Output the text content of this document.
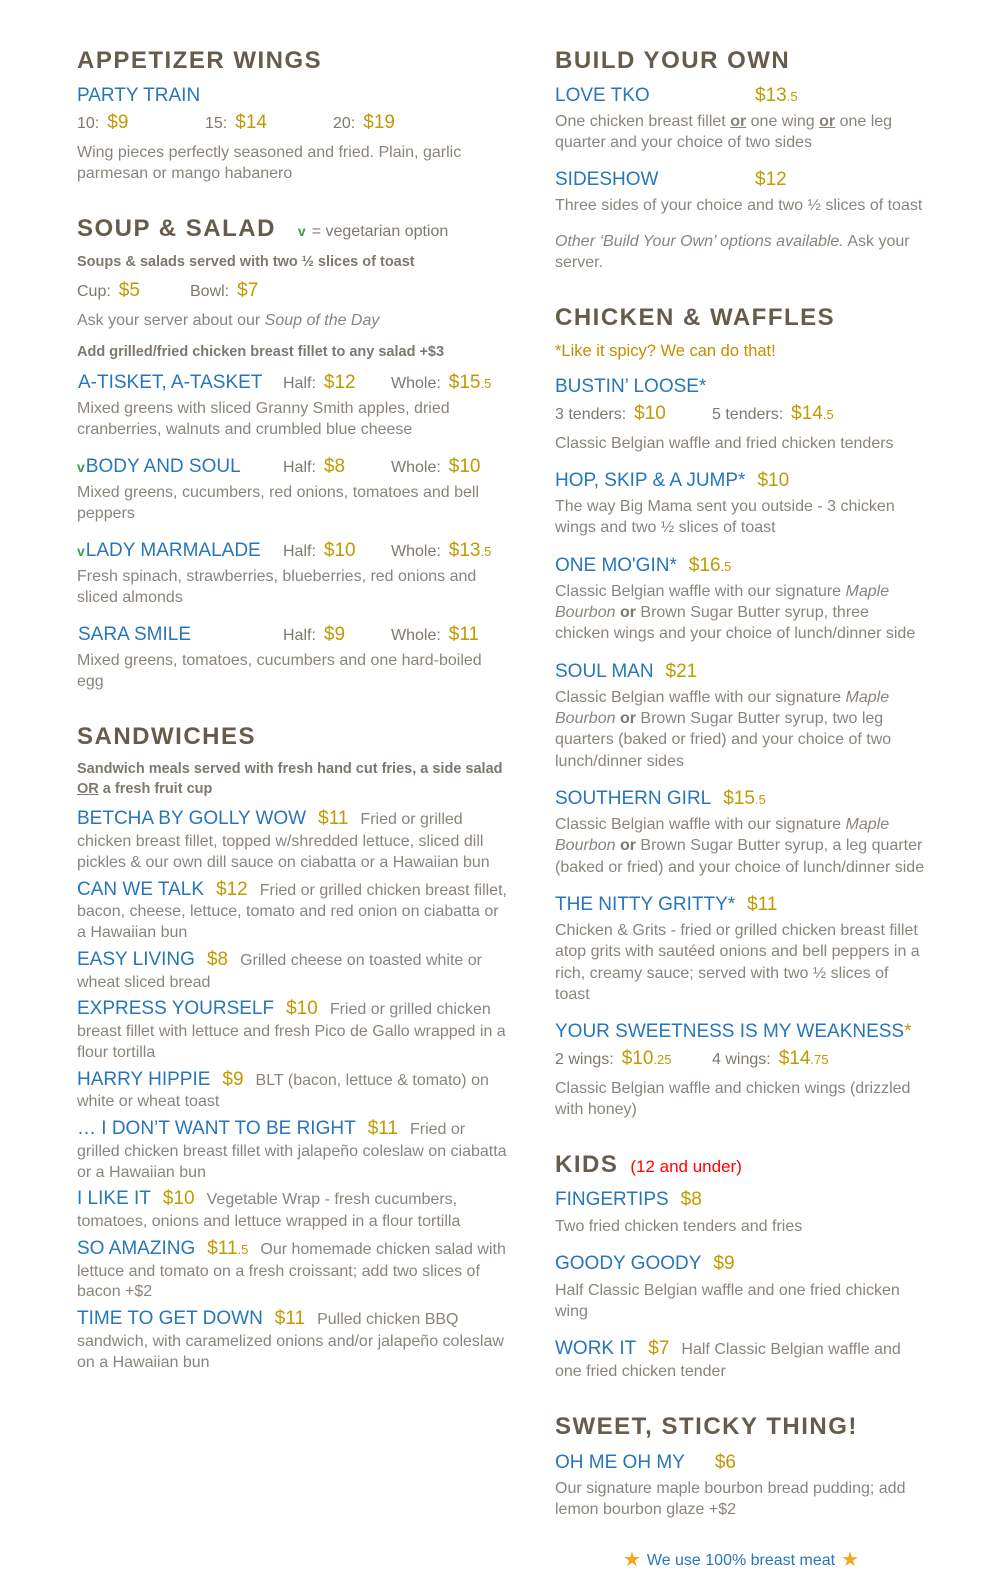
APPETIZER WINGS

PARTY TRAIN

10: $9	15: $14	20: $19

Wing pieces perfectly seasoned and fried. Plain, garlic parmesan or mango habanero

SOUP & SALAD v = vegetarian option

Soups & salads served with two ½ slices of toast

Cup: $5	Bowl: $7

Ask your server about our Soup of the Day

Add grilled/fried chicken breast fillet to any salad +$3

A-TISKET, A-TASKET	Half: $12	Whole: $15.5

Mixed greens with sliced Granny Smith apples, dried cranberries, walnuts and crumbled blue cheese

vBODY AND SOUL	Half: $8	Whole: $10

Mixed greens, cucumbers, red onions, tomatoes and bell peppers

vLADY MARMALADE	Half: $10	Whole: $13.5

Fresh spinach, strawberries, blueberries, red onions and sliced almonds

SARA SMILE	Half: $9	Whole: $11

Mixed greens, tomatoes, cucumbers and one hard-boiled egg

SANDWICHES

Sandwich meals served with fresh hand cut fries, a side salad OR a fresh fruit cup

BETCHA BY GOLLY WOW $11 Fried or grilled chicken breast fillet, topped w/shredded lettuce, sliced dill pickles & our own dill sauce on ciabatta or a Hawaiian bun

CAN WE TALK $12 Fried or grilled chicken breast fillet, bacon, cheese, lettuce, tomato and red onion on ciabatta or a Hawaiian bun

EASY LIVING $8 Grilled cheese on toasted white or wheat sliced bread

EXPRESS YOURSELF $10 Fried or grilled chicken breast fillet with lettuce and fresh Pico de Gallo wrapped in a flour tortilla

HARRY HIPPIE $9 BLT (bacon, lettuce & tomato) on white or wheat toast

… I DON’T WANT TO BE RIGHT $11 Fried or grilled chicken breast fillet with jalapeño coleslaw on ciabatta or a Hawaiian bun

I LIKE IT $10 Vegetable Wrap - fresh cucumbers, tomatoes, onions and lettuce wrapped in a flour tortilla

SO AMAZING $11.5 Our homemade chicken salad with lettuce and tomato on a fresh croissant; add two slices of bacon +$2

TIME TO GET DOWN $11 Pulled chicken BBQ sandwich, with caramelized onions and/or jalapeño coleslaw on a Hawaiian bun

BUILD YOUR OWN
LOVE TKO	$13.5

One chicken breast fillet or one wing or one leg quarter and your choice of two sides

SIDESHOW	$12

Three sides of your choice and two ½ slices of toast

Other ‘Build Your Own’ options available. Ask your server.

CHICKEN & WAFFLES

*Like it spicy? We can do that!

BUSTIN’ LOOSE*

3 tenders: $10	5 tenders: $14.5

Classic Belgian waffle and fried chicken tenders

HOP, SKIP & A JUMP* $10

The way Big Mama sent you outside - 3 chicken wings and two ½ slices of toast

ONE MO'GIN* $16.5

Classic Belgian waffle with our signature Maple Bourbon or Brown Sugar Butter syrup, three chicken wings and your choice of lunch/dinner side

SOUL MAN $21

Classic Belgian waffle with our signature Maple Bourbon or Brown Sugar Butter syrup, two leg quarters (baked or fried) and your choice of two lunch/dinner sides

SOUTHERN GIRL $15.5

Classic Belgian waffle with our signature Maple Bourbon or Brown Sugar Butter syrup, a leg quarter (baked or fried) and your choice of lunch/dinner side

THE NITTY GRITTY* $11

Chicken & Grits - fried or grilled chicken breast fillet atop grits with sautéed onions and bell peppers in a rich, creamy sauce; served with two ½ slices of toast

YOUR SWEETNESS IS MY WEAKNESS*

2 wings: $10.25	4 wings: $14.75

Classic Belgian waffle and chicken wings (drizzled with honey)

KIDS (12 and under)

FINGERTIPS $8

Two fried chicken tenders and fries

GOODY GOODY $9

Half Classic Belgian waffle and one fried chicken wing

WORK IT $7 Half Classic Belgian waffle and one fried chicken tender

SWEET, STICKY THING!

OH ME OH MY $6

Our signature maple bourbon bread pudding; add lemon bourbon glaze +$2

★ We use 100% breast meat ★
